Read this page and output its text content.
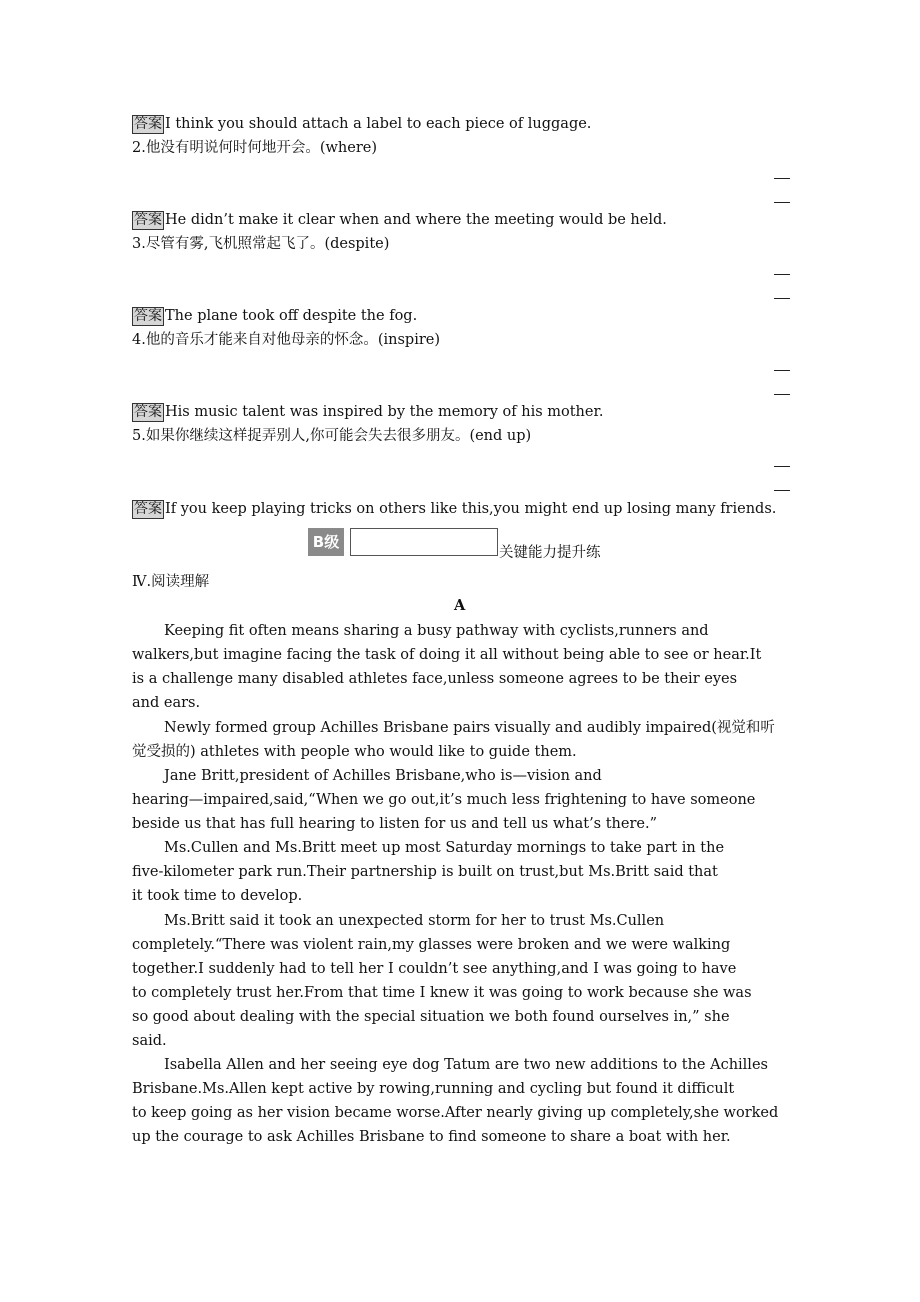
答案 I think you should attach a label to each piece of luggage.
2.他没有明说何时何地开会。(where)
答案 He didn’t make it clear when and where the meeting would be held.
3.尽管有雾,飞机照常起飞了。(despite)
答案 The plane took off despite the fog.
4.他的音乐才能来自对他母亲的怀念。(inspire)
答案 His music talent was inspired by the memory of his mother.
5.如果你继续这样捉弄别人,你可能会失去很多朋友。(end up)
答案 If you keep playing tricks on others like this,you might end up losing many friends.
B级
关键能力提升练
Ⅳ.阅读理解
A
Keeping fit often means sharing a busy pathway with cyclists,runners and
walkers,but imagine facing the task of doing it all without being able to see or hear.It
is a challenge many disabled athletes face,unless someone agrees to be their eyes
and ears.
Newly formed group Achilles Brisbane pairs visually and audibly impaired(视觉和听
觉受损的) athletes with people who would like to guide them.
Jane Britt,president of Achilles Brisbane,who is—vision and
hearing—impaired,said,“When we go out,it’s much less frightening to have someone
beside us that has full hearing to listen for us and tell us what’s there.”
Ms.Cullen and Ms.Britt meet up most Saturday mornings to take part in the
five-kilometer park run.Their partnership is built on trust,but Ms.Britt said that
it took time to develop.
Ms.Britt said it took an unexpected storm for her to trust Ms.Cullen
completely.“There was violent rain,my glasses were broken and we were walking
together.I suddenly had to tell her I couldn’t see anything,and I was going to have
to completely trust her.From that time I knew it was going to work because she was
so good about dealing with the special situation we both found ourselves in,” she
said.
Isabella Allen and her seeing eye dog Tatum are two new additions to the Achilles
Brisbane.Ms.Allen kept active by rowing,running and cycling but found it difficult
to keep going as her vision became worse.After nearly giving up completely,she worked
up the courage to ask Achilles Brisbane to find someone to share a boat with her.
